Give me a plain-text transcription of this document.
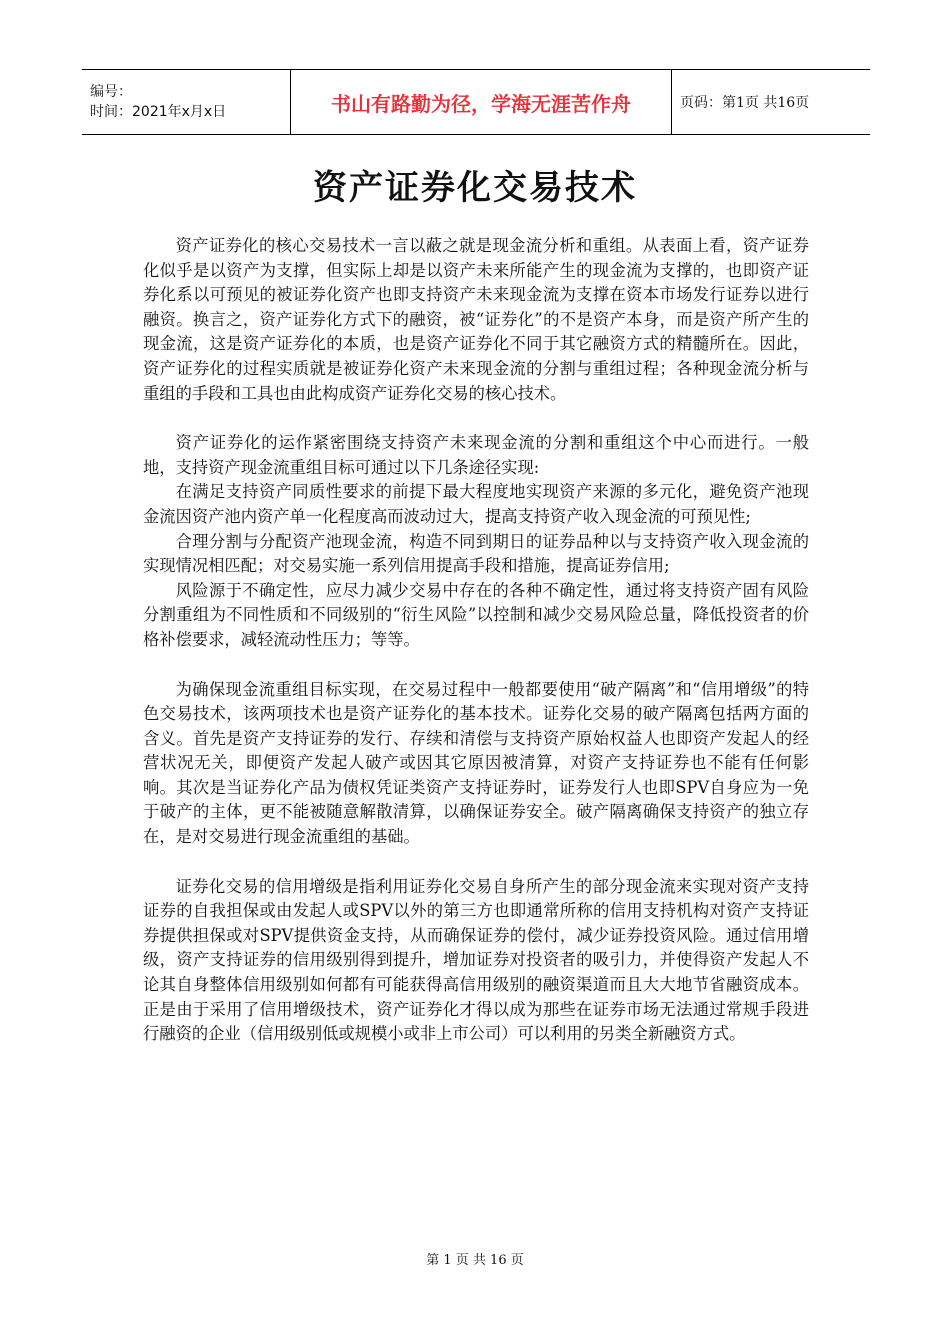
编号：
时间：2021年x月x日	书山有路勤为径，学海无涯苦作舟	页码：第1页 共16页
资产证券化交易技术

资产证券化的核心交易技术一言以蔽之就是现金流分析和重组。从表面上看，资产证券化似乎是以资产为支撑，但实际上却是以资产未来所能产生的现金流为支撑的，也即资产证券化系以可预见的被证券化资产也即支持资产未来现金流为支撑在资本市场发行证券以进行融资。换言之，资产证券化方式下的融资，被“证券化”的不是资产本身，而是资产所产生的现金流，这是资产证券化的本质，也是资产证券化不同于其它融资方式的精髓所在。因此，资产证券化的过程实质就是被证券化资产未来现金流的分割与重组过程；各种现金流分析与重组的手段和工具也由此构成资产证券化交易的核心技术。

资产证券化的运作紧密围绕支持资产未来现金流的分割和重组这个中心而进行。一般地，支持资产现金流重组目标可通过以下几条途径实现:

在满足支持资产同质性要求的前提下最大程度地实现资产来源的多元化，避免资产池现金流因资产池内资产单一化程度高而波动过大，提高支持资产收入现金流的可预见性;

合理分割与分配资产池现金流，构造不同到期日的证券品种以与支持资产收入现金流的实现情况相匹配；对交易实施一系列信用提高手段和措施，提高证券信用;

风险源于不确定性，应尽力减少交易中存在的各种不确定性，通过将支持资产固有风险分割重组为不同性质和不同级别的“衍生风险”以控制和减少交易风险总量，降低投资者的价格补偿要求，减轻流动性压力；等等。

为确保现金流重组目标实现，在交易过程中一般都要使用“破产隔离”和“信用增级”的特色交易技术，该两项技术也是资产证券化的基本技术。证券化交易的破产隔离包括两方面的含义。首先是资产支持证券的发行、存续和清偿与支持资产原始权益人也即资产发起人的经营状况无关，即便资产发起人破产或因其它原因被清算，对资产支持证券也不能有任何影响。其次是当证券化产品为债权凭证类资产支持证券时，证券发行人也即SPV自身应为一免于破产的主体，更不能被随意解散清算，以确保证券安全。破产隔离确保支持资产的独立存在，是对交易进行现金流重组的基础。

证券化交易的信用增级是指利用证券化交易自身所产生的部分现金流来实现对资产支持证券的自我担保或由发起人或SPV以外的第三方也即通常所称的信用支持机构对资产支持证券提供担保或对SPV提供资金支持，从而确保证券的偿付，减少证券投资风险。通过信用增级，资产支持证券的信用级别得到提升，增加证券对投资者的吸引力，并使得资产发起人不论其自身整体信用级别如何都有可能获得高信用级别的融资渠道而且大大地节省融资成本。正是由于采用了信用增级技术，资产证券化才得以成为那些在证券市场无法通过常规手段进行融资的企业（信用级别低或规模小或非上市公司）可以利用的另类全新融资方式。

第 1 页 共 16 页
